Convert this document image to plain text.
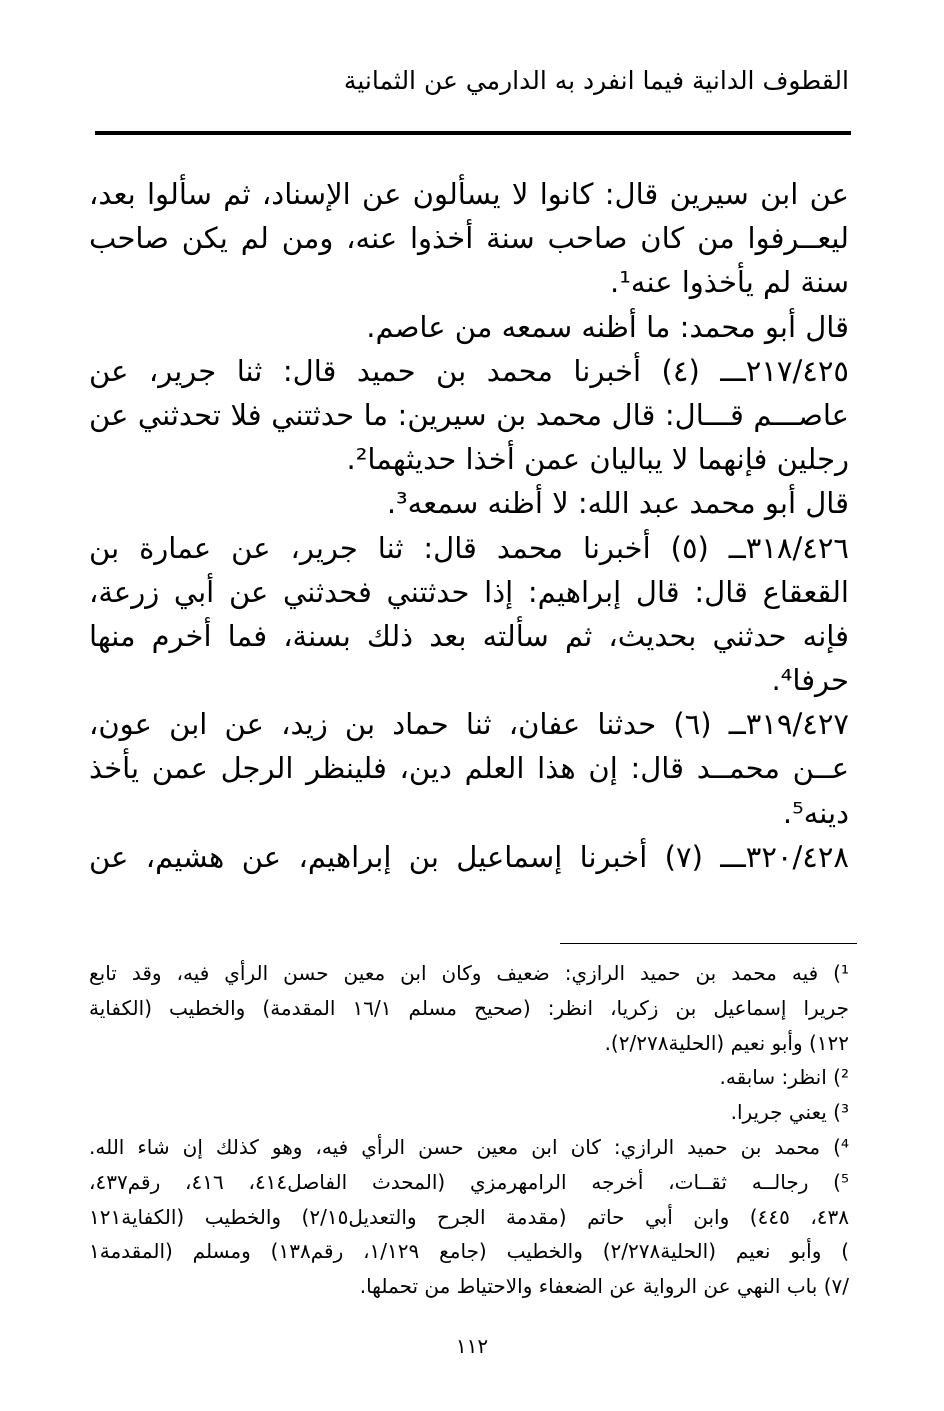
القطوف الدانية فيما انفرد به الدارمي عن الثمانية
عن ابن سيرين قال: كانوا لا يسألون عن الإسناد، ثم سألوا بعد،
ليعــرفوا من كان صاحب سنة أخذوا عنه، ومن لم يكن صاحب
سنة لم يأخذوا عنه¹.
قال أبو محمد: ما أظنه سمعه من عاصم.
٢١٧/٤٢٥ـــ (٤) أخبرنا محمد بن حميد قال: ثنا جرير، عن
عاصـــم قـــال: قال محمد بن سيرين: ما حدثتني فلا تحدثني عن
رجلين فإنهما لا يباليان عمن أخذا حديثهما².
قال أبو محمد عبد الله: لا أظنه سمعه³.
٣١٨/٤٢٦ــ (٥) أخبرنا محمد قال: ثنا جرير، عن عمارة بن
القعقاع قال: قال إبراهيم: إذا حدثتني فحدثني عن أبي زرعة،
فإنه حدثني بحديث، ثم سألته بعد ذلك بسنة، فما أخرم منها
حرفا⁴.
٣١٩/٤٢٧ــ (٦) حدثنا عفان، ثنا حماد بن زيد، عن ابن عون،
عــن محمــد قال: إن هذا العلم دين، فلينظر الرجل عمن يأخذ
دينه⁵.
٣٢٠/٤٢٨ـــ (٧) أخبرنا إسماعيل بن إبراهيم، عن هشيم، عن
¹) فيه محمد بن حميد الرازي: ضعيف وكان ابن معين حسن الرأي فيه، وقد تابع
جريرا إسماعيل بن زكريا، انظر: (صحيح مسلم ١٦/١ المقدمة) والخطيب (الكفاية
١٢٢) وأبو نعيم (الحلية٢/٢٧٨).
²) انظر: سابقه.
³) يعني جريرا.
⁴) محمد بن حميد الرازي: كان ابن معين حسن الرأي فيه، وهو كذلك إن شاء الله.
⁵) رجالــه ثقــات، أخرجه الرامهرمزي (المحدث الفاصل٤١٤، ٤١٦، رقم٤٣٧،
٤٣٨، ٤٤٥) وابن أبي حاتم (مقدمة الجرح والتعديل٢/١٥) والخطيب (الكفاية١٢١
) وأبو نعيم (الحلية٢/٢٧٨) والخطيب (جامع ١/١٢٩، رقم١٣٨) ومسلم (المقدمة١
/٧) باب النهي عن الرواية عن الضعفاء والاحتياط من تحملها.
١١٢
